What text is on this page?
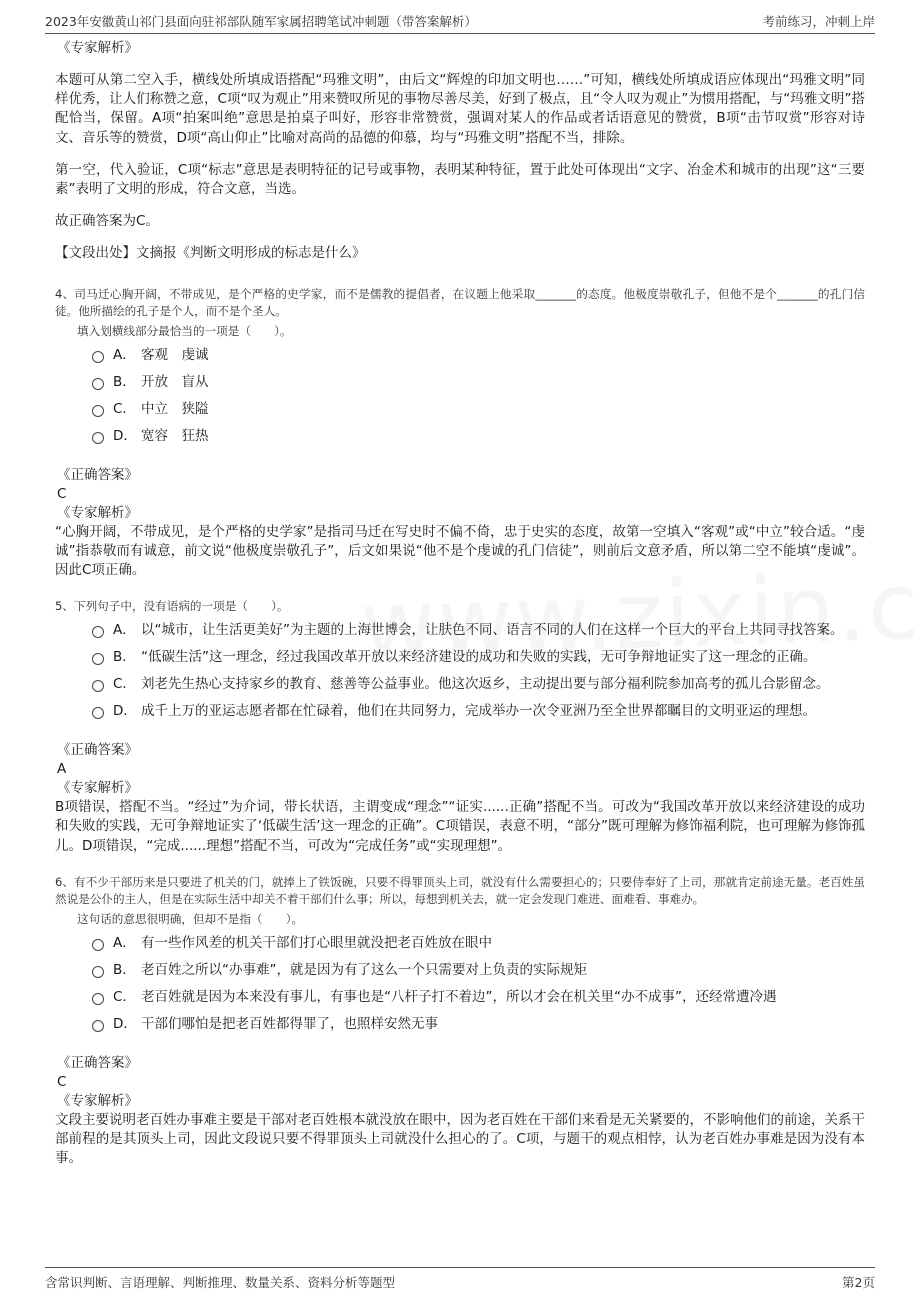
2023年安徽黄山祁门县面向驻祁部队随军家属招聘笔试冲刺题（带答案解析）	考前练习，冲刺上岸

《专家解析》

本题可从第二空入手，横线处所填成语搭配“玛雅文明”，由后文“辉煌的印加文明也……”可知，横线处所填成语应体现出“玛雅文明”同样优秀，让人们称赞之意，C项“叹为观止”用来赞叹所见的事物尽善尽美，好到了极点，且“令人叹为观止”为惯用搭配，与“玛雅文明”搭配恰当，保留。A项“拍案叫绝”意思是拍桌子叫好，形容非常赞赏，强调对某人的作品或者话语意见的赞赏，B项“击节叹赏”形容对诗文、音乐等的赞赏，D项“高山仰止”比喻对高尚的品德的仰慕，均与“玛雅文明”搭配不当，排除。

第一空，代入验证，C项“标志”意思是表明特征的记号或事物，表明某种特征，置于此处可体现出“文字、冶金术和城市的出现”这“三要素”表明了文明的形成，符合文意，当选。

故正确答案为C。

【文段出处】文摘报《判断文明形成的标志是什么》

4、司马迁心胸开阔，不带成见，是个严格的史学家，而不是儒教的提倡者，在议题上他采取_______的态度。他极度崇敬孔子，但他不是个_______的孔门信徒。他所描绘的孔子是个人，而不是个圣人。

填入划横线部分最恰当的一项是（　　）。

A． 客观　虔诚
B． 开放　盲从
C． 中立　狭隘
D． 宽容　狂热

《正确答案》

C

《专家解析》

“心胸开阔，不带成见，是个严格的史学家”是指司马迁在写史时不偏不倚，忠于史实的态度，故第一空填入“客观”或“中立”较合适。“虔诚”指恭敬而有诚意，前文说“他极度崇敬孔子”，后文如果说“他不是个虔诚的孔门信徒”，则前后文意矛盾，所以第二空不能填“虔诚”。因此C项正确。

5、下列句子中，没有语病的一项是（　　）。

A． 以“城市，让生活更美好”为主题的上海世博会，让肤色不同、语言不同的人们在这样一个巨大的平台上共同寻找答案。
B． “低碳生活”这一理念，经过我国改革开放以来经济建设的成功和失败的实践，无可争辩地证实了这一理念的正确。
C． 刘老先生热心支持家乡的教育、慈善等公益事业。他这次返乡，主动提出要与部分福利院参加高考的孤儿合影留念。
D． 成千上万的亚运志愿者都在忙碌着，他们在共同努力，完成举办一次令亚洲乃至全世界都瞩目的文明亚运的理想。

《正确答案》

A

《专家解析》

B项错误，搭配不当。“经过”为介词，带长状语，主谓变成“理念”“证实......正确”搭配不当。可改为“我国改革开放以来经济建设的成功和失败的实践，无可争辩地证实了‘低碳生活’这一理念的正确”。C项错误，表意不明，“部分”既可理解为修饰福利院，也可理解为修饰孤儿。D项错误，“完成......理想”搭配不当，可改为“完成任务”或“实现理想”。

6、有不少干部历来是只要进了机关的门，就捧上了铁饭碗，只要不得罪顶头上司，就没有什么需要担心的；只要侍奉好了上司，那就肯定前途无量。老百姓虽然说是公仆的主人，但是在实际生活中却关不着干部们什么事；所以，每想到机关去，就一定会发现门难进、面难看、事难办。

这句话的意思很明确，但却不是指（　　）。

A． 有一些作风差的机关干部们打心眼里就没把老百姓放在眼中
B． 老百姓之所以“办事难”，就是因为有了这么一个只需要对上负责的实际规矩
C． 老百姓就是因为本来没有事儿，有事也是“八杆子打不着边”，所以才会在机关里“办不成事”，还经常遭冷遇
D． 干部们哪怕是把老百姓都得罪了，也照样安然无事

《正确答案》

C

《专家解析》

文段主要说明老百姓办事难主要是干部对老百姓根本就没放在眼中，因为老百姓在干部们来看是无关紧要的，不影响他们的前途，关系干部前程的是其顶头上司，因此文段说只要不得罪顶头上司就没什么担心的了。C项，与题干的观点相悖，认为老百姓办事难是因为没有本事。

含常识判断、言语理解、判断推理、数量关系、资料分析等题型	第2页
